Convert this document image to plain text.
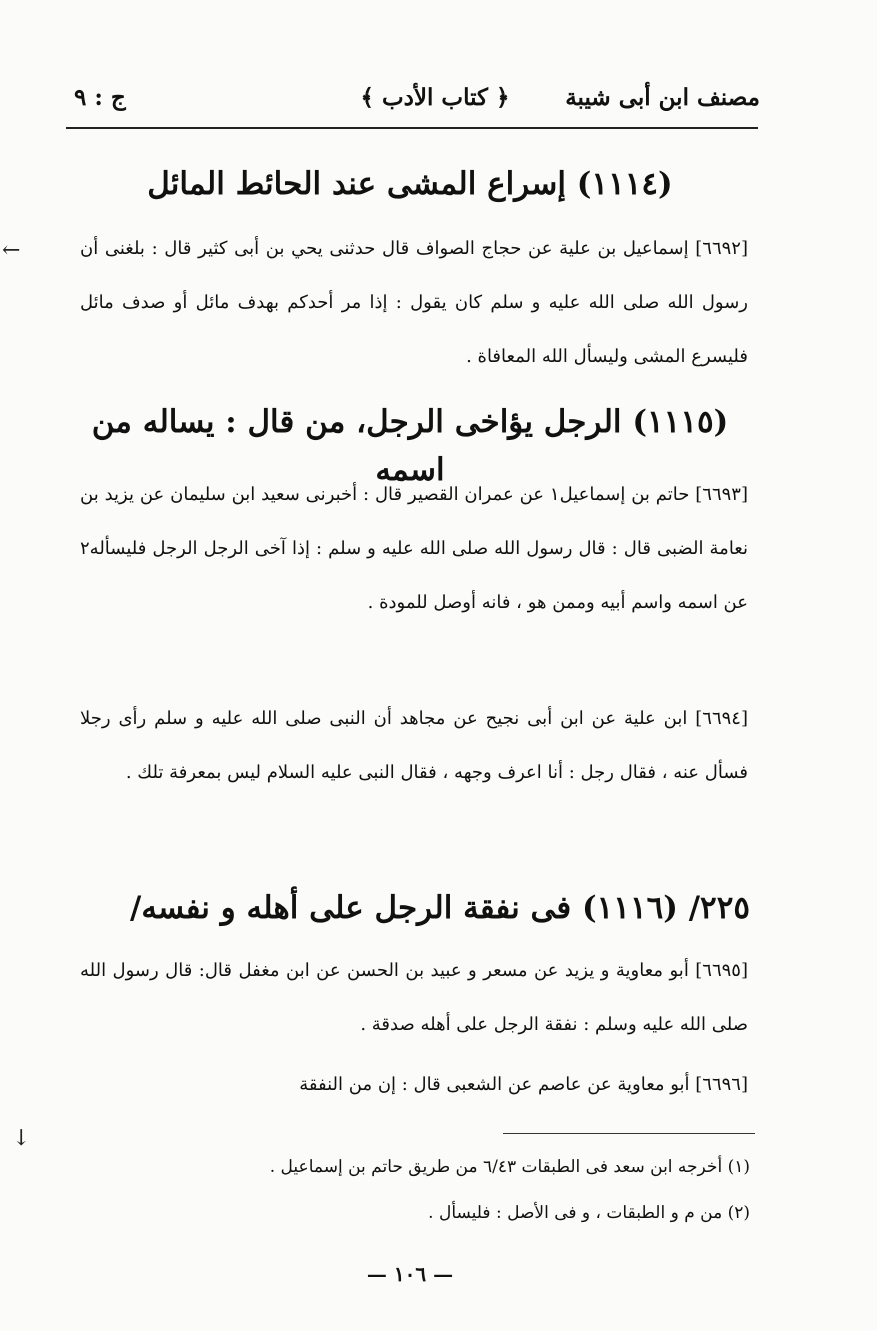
مصنف ابن أبى شيبة
﴿ كتاب الأدب ﴾
ج : ٩
(١١١٤) إسراع المشى عند الحائط المائل

[٦٦٩٢] إسماعيل بن علية عن حجاج الصواف قال حدثنى يحي بن أبى كثير قال : بلغنى أن رسول الله صلى الله عليه و سلم كان يقول : إذا مر أحدكم بهدف مائل أو صدف مائل فليسرع المشى وليسأل الله المعافاة .

(١١١٥) الرجل يؤاخى الرجل، من قال : يساله من اسمه

[٦٦٩٣] حاتم بن إسماعيل١ عن عمران القصير قال : أخبرنى سعيد ابن سليمان عن يزيد بن نعامة الضبى قال : قال رسول الله صلى الله عليه و سلم : إذا آخى الرجل الرجل فليسأله٢ عن اسمه واسم أبيه وممن هو ، فانه أوصل للمودة .

[٦٦٩٤] ابن علية عن ابن أبى نجيح عن مجاهد أن النبى صلى الله عليه و سلم رأى رجلا فسأل عنه ، فقال رجل : أنا اعرف وجهه ، فقال النبى عليه السلام ليس بمعرفة تلك .

٢٢٥/ (١١١٦) فى نفقة الرجل على أهله و نفسه/

[٦٦٩٥] أبو معاوية و يزيد عن مسعر و عبيد بن الحسن عن ابن مغفل قال: قال رسول الله صلى الله عليه وسلم : نفقة الرجل على أهله صدقة .

[٦٦٩٦] أبو معاوية عن عاصم عن الشعبى قال : إن من النفقة

(١) أخرجه ابن سعد فى الطبقات ٦/٤٣ من طريق حاتم بن إسماعيل .
(٢) من م و الطبقات ، و فى الأصل : فليسأل .
— ١٠٦ —
←
↓
